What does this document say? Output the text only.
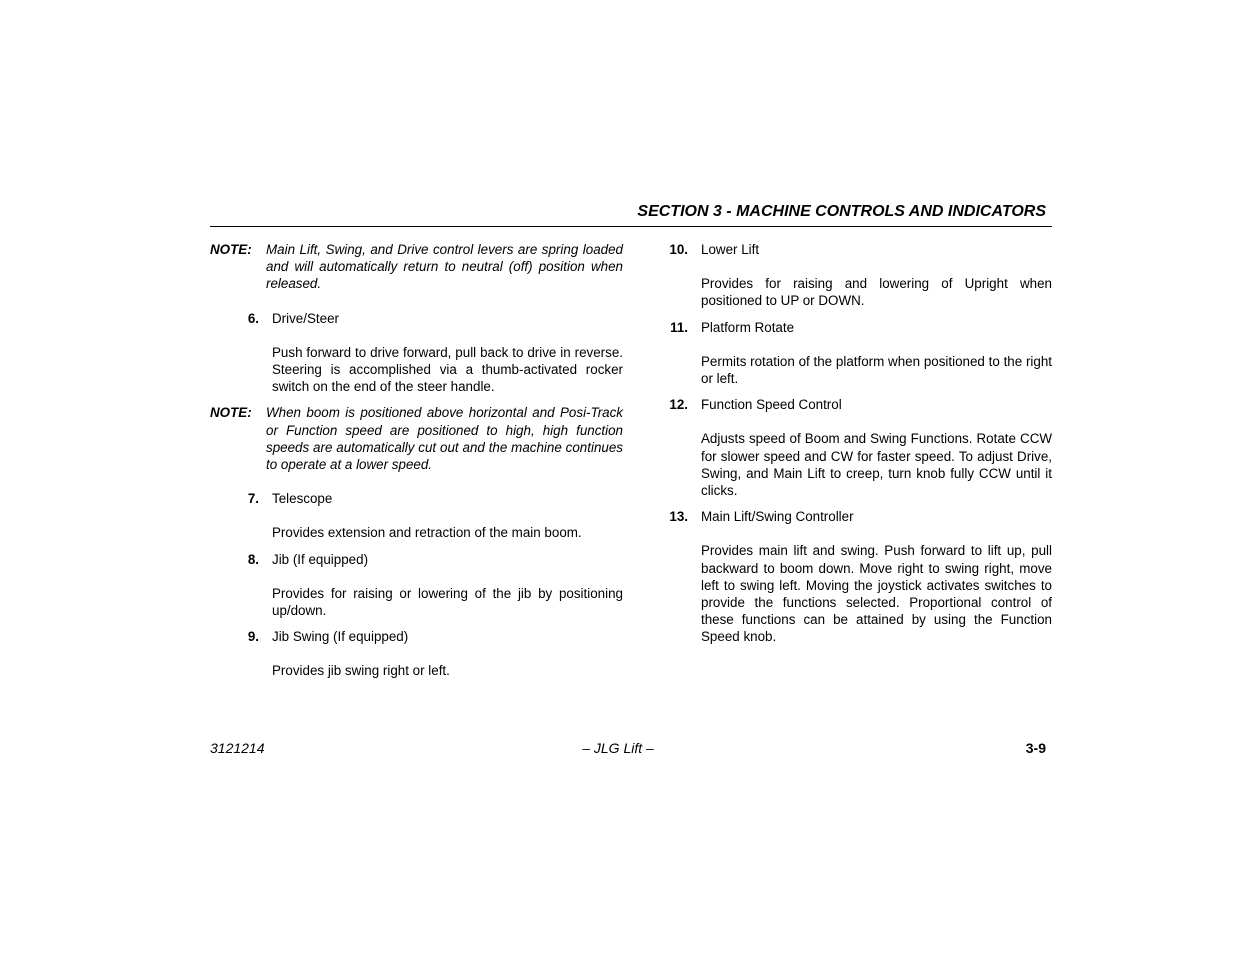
SECTION 3 - MACHINE CONTROLS AND INDICATORS
NOTE: Main Lift, Swing, and Drive control levers are spring loaded and will automatically return to neutral (off) position when released.
6. Drive/Steer
Push forward to drive forward, pull back to drive in reverse. Steering is accomplished via a thumb-activated rocker switch on the end of the steer handle.
NOTE: When boom is positioned above horizontal and Posi-Track or Function speed are positioned to high, high function speeds are automatically cut out and the machine continues to operate at a lower speed.
7. Telescope
Provides extension and retraction of the main boom.
8. Jib (If equipped)
Provides for raising or lowering of the jib by positioning up/down.
9. Jib Swing (If equipped)
Provides jib swing right or left.
10. Lower Lift
Provides for raising and lowering of Upright when positioned to UP or DOWN.
11. Platform Rotate
Permits rotation of the platform when positioned to the right or left.
12. Function Speed Control
Adjusts speed of Boom and Swing Functions. Rotate CCW for slower speed and CW for faster speed. To adjust Drive, Swing, and Main Lift to creep, turn knob fully CCW until it clicks.
13. Main Lift/Swing Controller
Provides main lift and swing. Push forward to lift up, pull backward to boom down. Move right to swing right, move left to swing left. Moving the joystick activates switches to provide the functions selected. Proportional control of these functions can be attained by using the Function Speed knob.
3121214	– JLG Lift –	3-9
